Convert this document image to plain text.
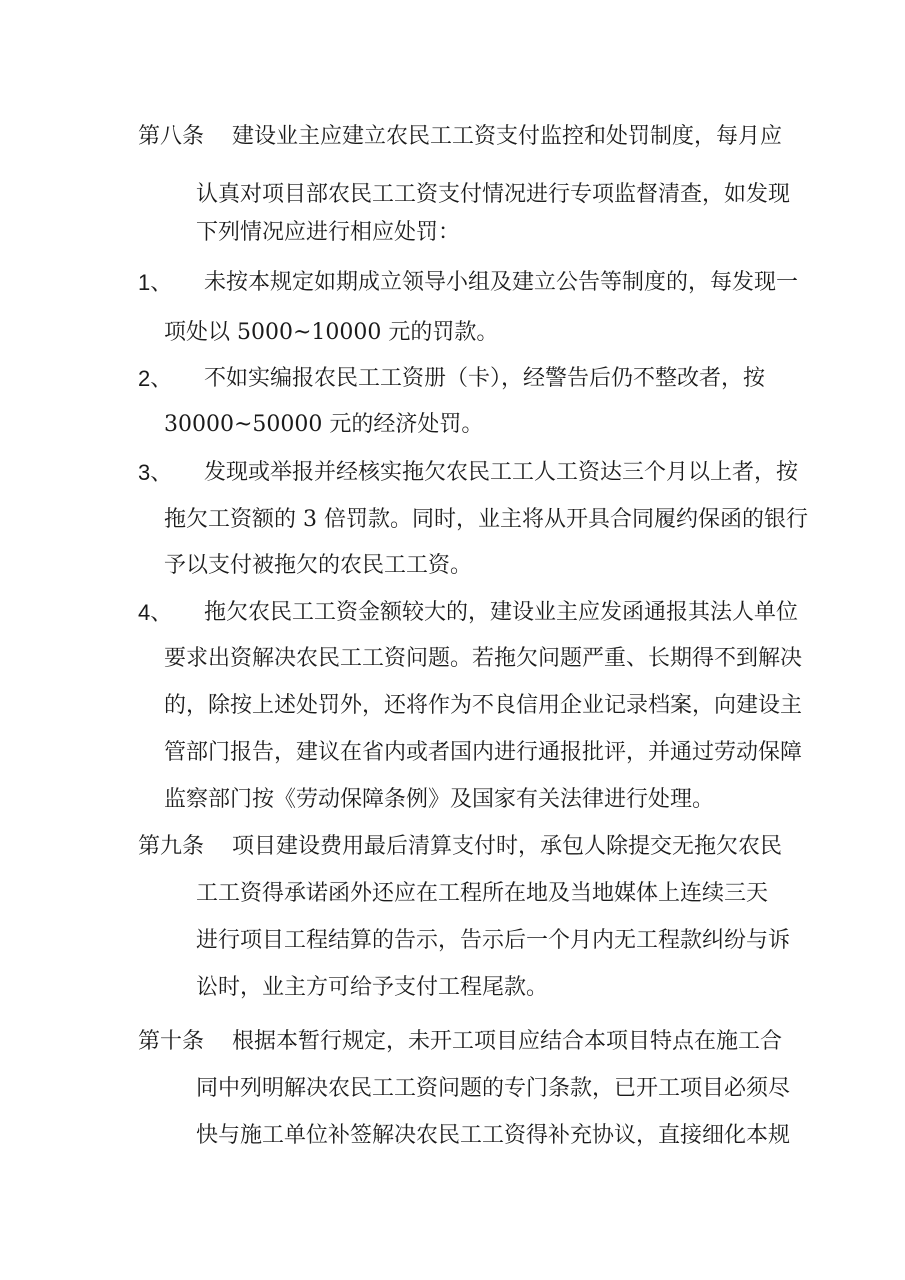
第八条 建设业主应建立农民工工资支付监控和处罚制度，每月应
认真对项目部农民工工资支付情况进行专项监督清查，如发现
下列情况应进行相应处罚：
1、 未按本规定如期成立领导小组及建立公告等制度的，每发现一
项处以 5000~10000 元的罚款。
2、 不如实编报农民工工资册（卡），经警告后仍不整改者，按
30000~50000 元的经济处罚。
3、 发现或举报并经核实拖欠农民工工人工资达三个月以上者，按
拖欠工资额的 3 倍罚款。同时，业主将从开具合同履约保函的银行
予以支付被拖欠的农民工工资。
4、 拖欠农民工工资金额较大的，建设业主应发函通报其法人单位
要求出资解决农民工工资问题。若拖欠问题严重、长期得不到解决
的，除按上述处罚外，还将作为不良信用企业记录档案，向建设主
管部门报告，建议在省内或者国内进行通报批评，并通过劳动保障
监察部门按《劳动保障条例》及国家有关法律进行处理。
第九条 项目建设费用最后清算支付时，承包人除提交无拖欠农民
工工资得承诺函外还应在工程所在地及当地媒体上连续三天
进行项目工程结算的告示，告示后一个月内无工程款纠纷与诉
讼时，业主方可给予支付工程尾款。
第十条 根据本暂行规定，未开工项目应结合本项目特点在施工合
同中列明解决农民工工资问题的专门条款，已开工项目必须尽
快与施工单位补签解决农民工工资得补充协议，直接细化本规
